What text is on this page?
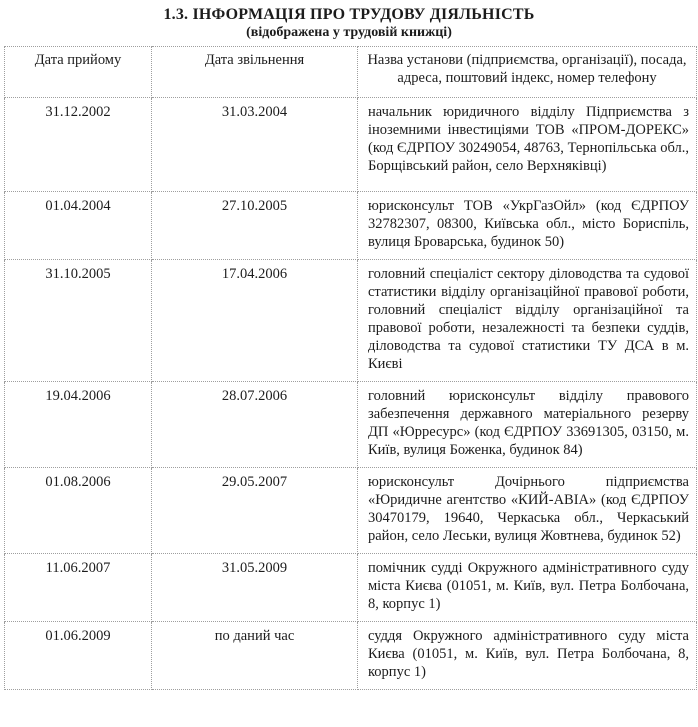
1.3. ІНФОРМАЦІЯ ПРО ТРУДОВУ ДІЯЛЬНІСТЬ
(відображена у трудовій книжці)
Дата прийому	Дата звільнення	Назва установи (підприємства, організації), посада, адреса, поштовий індекс, номер телефону
31.12.2002	31.03.2004	начальник юридичного відділу Підприємства з іноземними інвестиціями ТОВ «ПРОМ-ДОРЕКС» (код ЄДРПОУ 30249054, 48763, Тернопільська обл., Борщівський район, село Верхняківці)
01.04.2004	27.10.2005	юрисконсульт ТОВ «УкрГазОйл» (код ЄДРПОУ 32782307, 08300, Київська обл., місто Бориспіль, вулиця Броварська, будинок 50)
31.10.2005	17.04.2006	головний спеціаліст сектору діловодства та судової статистики відділу організаційної правової роботи, головний спеціаліст відділу організаційної та правової роботи, незалежності та безпеки суддів, діловодства та судової статистики ТУ ДСА в м. Києві
19.04.2006	28.07.2006	головний юрисконсульт відділу правового забезпечення державного матеріального резерву ДП «Юрресурс» (код ЄДРПОУ 33691305, 03150, м. Київ, вулиця Боженка, будинок 84)
01.08.2006	29.05.2007	юрисконсульт Дочірнього підприємства «Юридичне агентство «КИЙ-АВІА» (код ЄДРПОУ 30470179, 19640, Черкаська обл., Черкаський район, село Леськи, вулиця Жовтнева, будинок 52)
11.06.2007	31.05.2009	помічник судді Окружного адміністративного суду міста Києва (01051, м. Київ, вул. Петра Болбочана, 8, корпус 1)
01.06.2009	по даний час	суддя Окружного адміністративного суду міста Києва (01051, м. Київ, вул. Петра Болбочана, 8, корпус 1)
